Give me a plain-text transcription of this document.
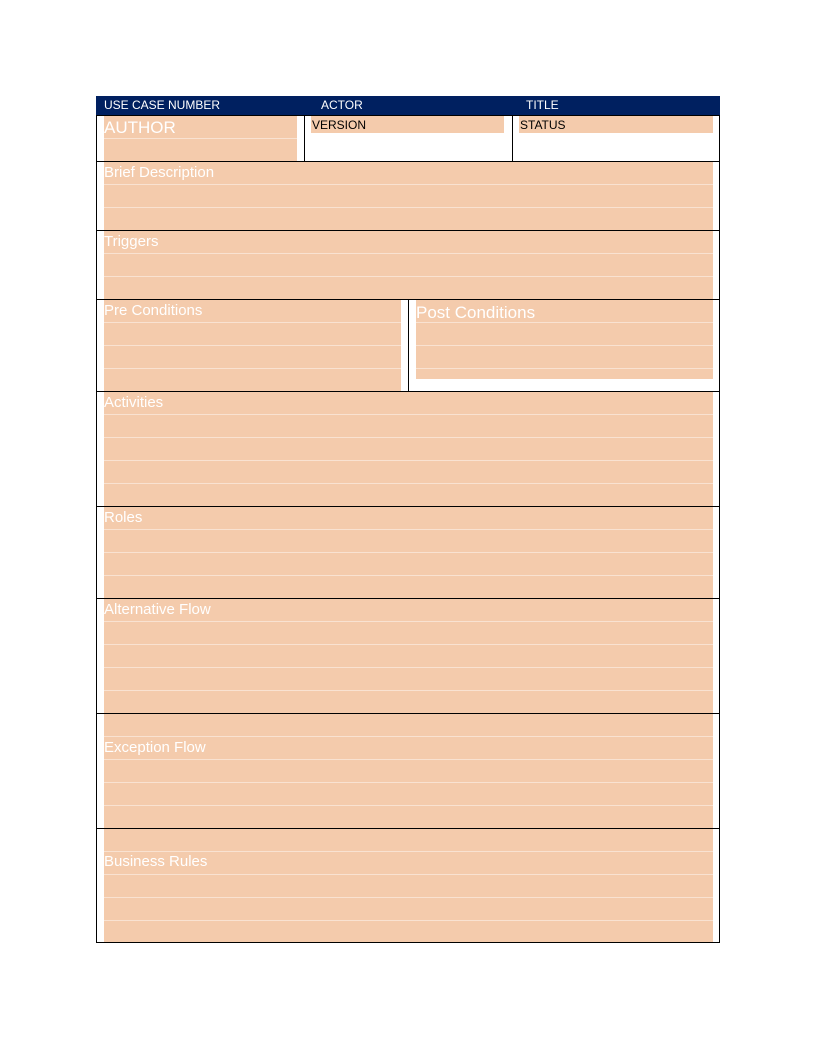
USE CASE NUMBER	ACTOR	TITLE
AUTHOR	VERSION	STATUS
Brief Description
Triggers
Pre Conditions	Post Conditions
Activities
Roles
Alternative Flow
Exception Flow
Business Rules
